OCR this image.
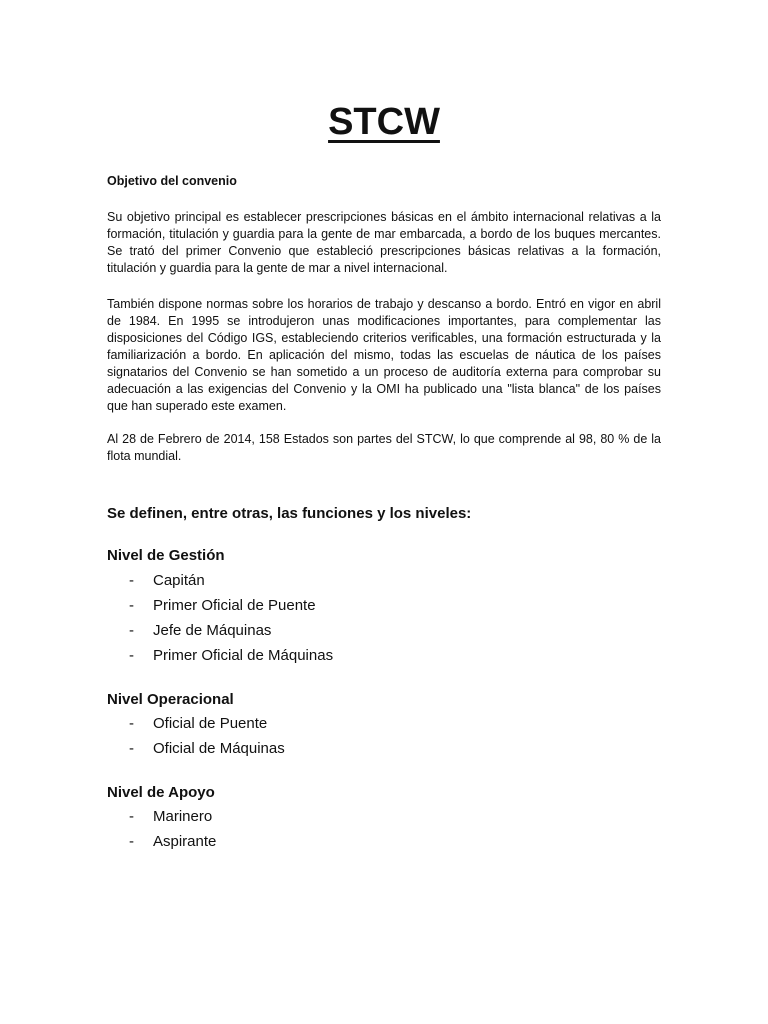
STCW

Objetivo del convenio

Su objetivo principal es establecer prescripciones básicas en el ámbito internacional relativas a la formación, titulación y guardia para la gente de mar embarcada, a bordo de los buques mercantes. Se trató del primer Convenio que estableció prescripciones básicas relativas a la formación, titulación y guardia para la gente de mar a nivel internacional.

También dispone normas sobre los horarios de trabajo y descanso a bordo. Entró en vigor en abril de 1984. En 1995 se introdujeron unas modificaciones importantes, para complementar las disposiciones del Código IGS, estableciendo criterios verificables, una formación estructurada y la familiarización a bordo. En aplicación del mismo, todas las escuelas de náutica de los países signatarios del Convenio se han sometido a un proceso de auditoría externa para comprobar su adecuación a las exigencias del Convenio y la OMI ha publicado una "lista blanca" de los países que han superado este examen.

Al 28 de Febrero de 2014, 158 Estados son partes del STCW, lo que comprende al 98, 80 % de la flota mundial.

Se definen, entre otras, las funciones y los niveles:

Nivel de Gestión

- Capitán
- Primer Oficial de Puente
- Jefe de Máquinas
- Primer Oficial de Máquinas

Nivel Operacional

- Oficial de Puente
- Oficial de Máquinas

Nivel de Apoyo

- Marinero
- Aspirante
